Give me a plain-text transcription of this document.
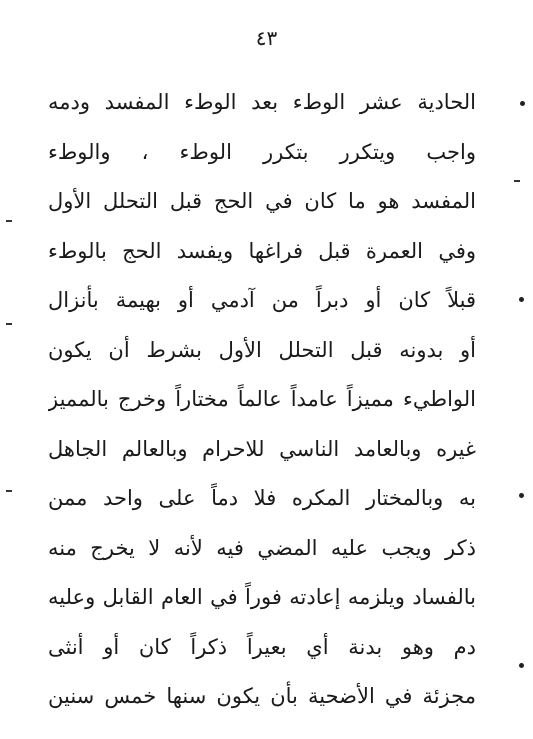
٤٣
الحادية عشر الوطء بعد الوطء المفسد ودمه
واجب ويتكرر بتكرر الوطء ، والوطء
المفسد هو ما كان في الحج قبل التحلل الأول
وفي العمرة قبل فراغها ويفسد الحج بالوطء
قبلاً كان أو دبراً من آدمي أو بهيمة بأنزال
أو بدونه قبل التحلل الأول بشرط أن يكون
الواطيء مميزاً عامداً عالماً مختاراً وخرج بالمميز
غيره وبالعامد الناسي للاحرام وبالعالم الجاهل
به وبالمختار المكره فلا دماً على واحد ممن
ذكر ويجب عليه المضي فيه لأنه لا يخرج منه
بالفساد ويلزمه إعادته فوراً في العام القابل وعليه
دم وهو بدنة أي بعيراً ذكراً كان أو أنثى
مجزئة في الأضحية بأن يكون سنها خمس سنين
